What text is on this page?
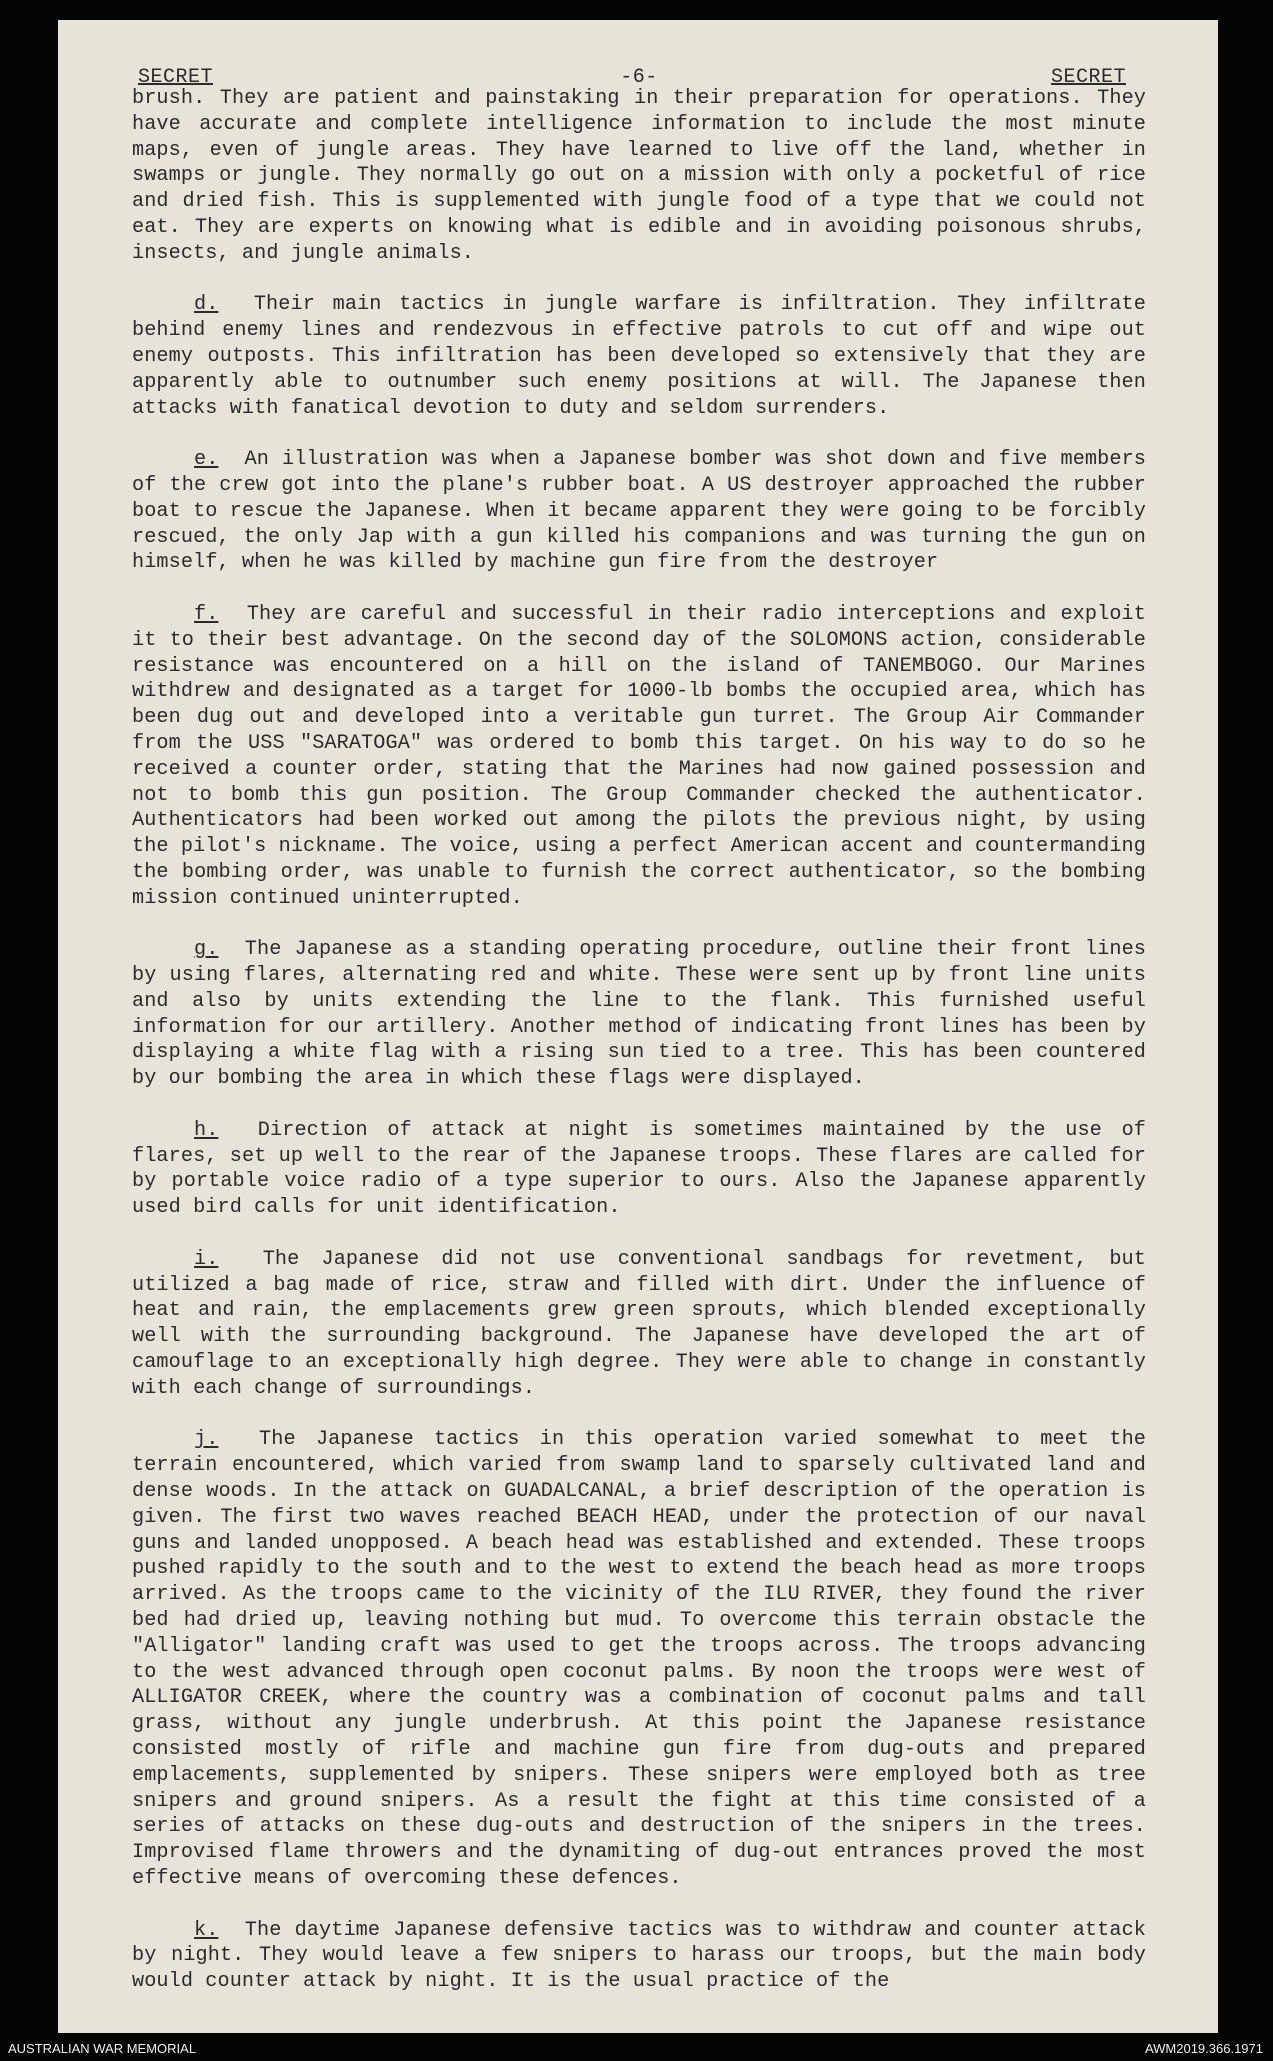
SECRET	-6-	SECRET

brush. They are patient and painstaking in their preparation for operations. They have accurate and complete intelligence information to include the most minute maps, even of jungle areas. They have learned to live off the land, whether in swamps or jungle. They normally go out on a mission with only a pocketful of rice and dried fish. This is supplemented with jungle food of a type that we could not eat. They are experts on knowing what is edible and in avoiding poisonous shrubs, insects, and jungle animals.

d. Their main tactics in jungle warfare is infiltration. They infiltrate behind enemy lines and rendezvous in effective patrols to cut off and wipe out enemy outposts. This infiltration has been developed so extensively that they are apparently able to outnumber such enemy positions at will. The Japanese then attacks with fanatical devotion to duty and seldom surrenders.

e. An illustration was when a Japanese bomber was shot down and five members of the crew got into the plane's rubber boat. A US destroyer approached the rubber boat to rescue the Japanese. When it became apparent they were going to be forcibly rescued, the only Jap with a gun killed his companions and was turning the gun on himself, when he was killed by machine gun fire from the destroyer

f. They are careful and successful in their radio interceptions and exploit it to their best advantage. On the second day of the SOLOMONS action, considerable resistance was encountered on a hill on the island of TANEMBOGO. Our Marines withdrew and designated as a target for 1000-lb bombs the occupied area, which has been dug out and developed into a veritable gun turret. The Group Air Commander from the USS "SARATOGA" was ordered to bomb this target. On his way to do so he received a counter order, stating that the Marines had now gained possession and not to bomb this gun position. The Group Commander checked the authenticator. Authenticators had been worked out among the pilots the previous night, by using the pilot's nickname. The voice, using a perfect American accent and countermanding the bombing order, was unable to furnish the correct authenticator, so the bombing mission continued uninterrupted.

g. The Japanese as a standing operating procedure, outline their front lines by using flares, alternating red and white. These were sent up by front line units and also by units extending the line to the flank. This furnished useful information for our artillery. Another method of indicating front lines has been by displaying a white flag with a rising sun tied to a tree. This has been countered by our bombing the area in which these flags were displayed.

h. Direction of attack at night is sometimes maintained by the use of flares, set up well to the rear of the Japanese troops. These flares are called for by portable voice radio of a type superior to ours. Also the Japanese apparently used bird calls for unit identification.

i. The Japanese did not use conventional sandbags for revetment, but utilized a bag made of rice, straw and filled with dirt. Under the influence of heat and rain, the emplacements grew green sprouts, which blended exceptionally well with the surrounding background. The Japanese have developed the art of camouflage to an exceptionally high degree. They were able to change in constantly with each change of surroundings.

j. The Japanese tactics in this operation varied somewhat to meet the terrain encountered, which varied from swamp land to sparsely cultivated land and dense woods. In the attack on GUADALCANAL, a brief description of the operation is given. The first two waves reached BEACH HEAD, under the protection of our naval guns and landed unopposed. A beach head was established and extended. These troops pushed rapidly to the south and to the west to extend the beach head as more troops arrived. As the troops came to the vicinity of the ILU RIVER, they found the river bed had dried up, leaving nothing but mud. To overcome this terrain obstacle the "Alligator" landing craft was used to get the troops across. The troops advancing to the west advanced through open coconut palms. By noon the troops were west of ALLIGATOR CREEK, where the country was a combination of coconut palms and tall grass, without any jungle underbrush. At this point the Japanese resistance consisted mostly of rifle and machine gun fire from dug-outs and prepared emplacements, supplemented by snipers. These snipers were employed both as tree snipers and ground snipers. As a result the fight at this time consisted of a series of attacks on these dug-outs and destruction of the snipers in the trees. Improvised flame throwers and the dynamiting of dug-out entrances proved the most effective means of overcoming these defences.

k. The daytime Japanese defensive tactics was to withdraw and counter attack by night. They would leave a few snipers to harass our troops, but the main body would counter attack by night. It is the usual practice of the

AUSTRALIAN WAR MEMORIAL	AWM2019.366.1971
